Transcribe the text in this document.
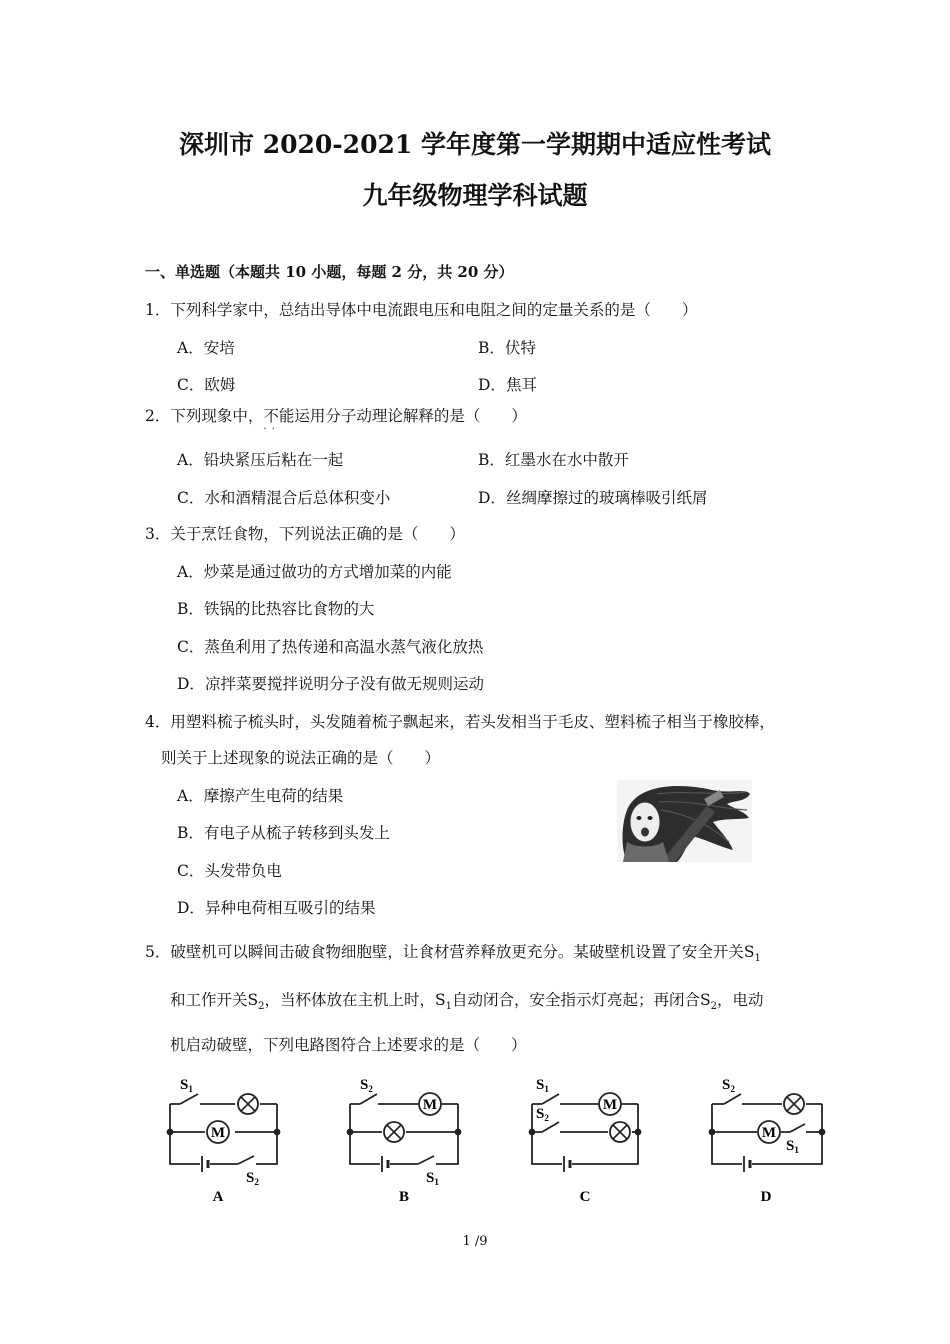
深圳市 2020-2021 学年度第一学期期中适应性考试
九年级物理学科试题
一、单选题（本题共 10 小题，每题 2 分，共 20 分）
1．下列科学家中，总结出导体中电流跟电压和电阻之间的定量关系的是（　　）
A．安培	B．伏特
C．欧姆	D．焦耳
2．下列现象中，不能
··
运用分子动理论解释的是（　　）
A．铅块紧压后粘在一起	B．红墨水在水中散开
C．水和酒精混合后总体积变小	D．丝绸摩擦过的玻璃棒吸引纸屑
3．关于烹饪食物，下列说法正确的是（　　）
A．炒菜是通过做功的方式增加菜的内能
B．铁锅的比热容比食物的大
C．蒸鱼利用了热传递和高温水蒸气液化放热
D．凉拌菜要搅拌说明分子没有做无规则运动
4．用塑料梳子梳头时，头发随着梳子飘起来，若头发相当于毛皮、塑料梳子相当于橡胶棒，
则关于上述现象的说法正确的是（　　）
A．摩擦产生电荷的结果
B．有电子从梳子转移到头发上
C．头发带负电
D．异种电荷相互吸引的结果
5．破壁机可以瞬间击破食物细胞壁，让食材营养释放更充分。某破壁机设置了安全开关$S_1$
和工作开关$S_2$，当杯体放在主机上时，$S_1$自动闭合，安全指示灯亮起；再闭合$S_2$，电动
机启动破壁，下列电路图符合上述要求的是（　　）
M
$S_1$
$S_2$
A
M
$S_2$
$S_1$
B
M
$S_1$
$S_2$
C
M
$S_2$
$S_1$
D
1 /9
